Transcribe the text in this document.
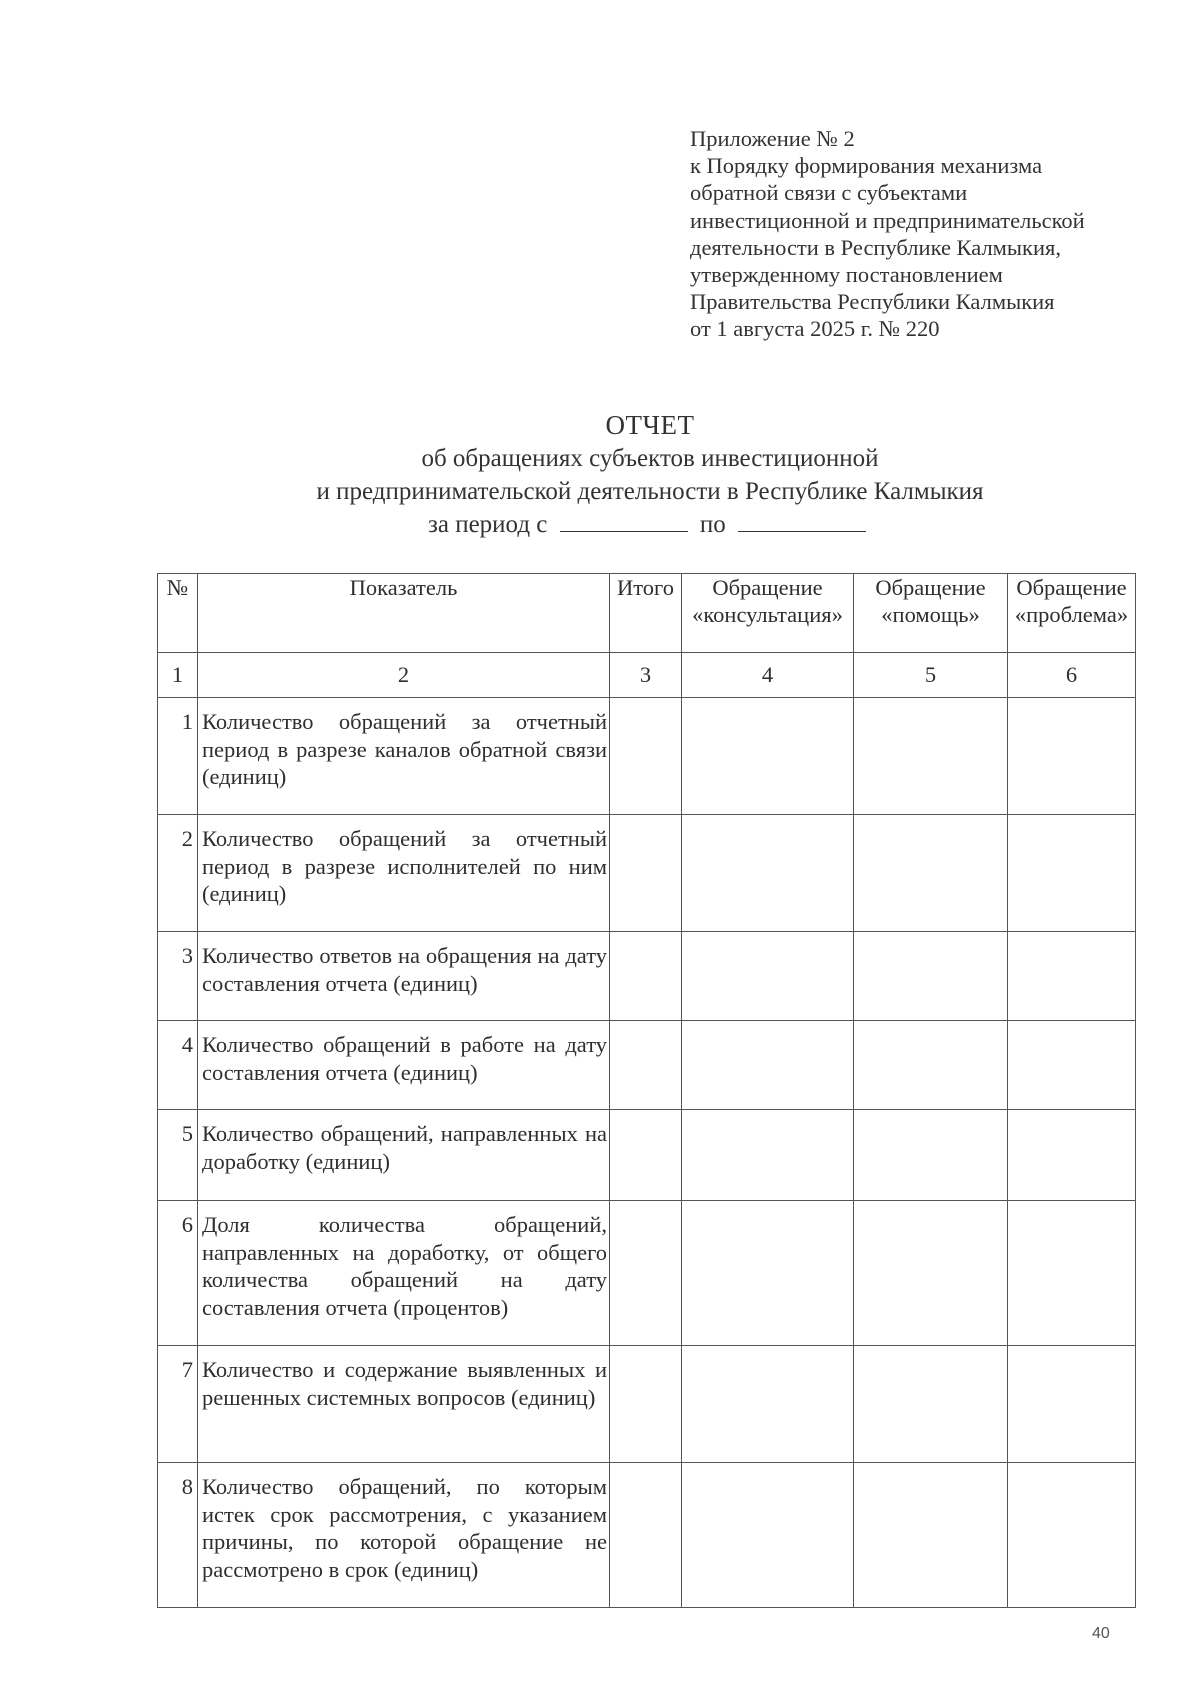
Приложение № 2
к Порядку формирования механизма
обратной связи с субъектами
инвестиционной и предпринимательской
деятельности в Республике Калмыкия,
утвержденному постановлением
Правительства Республики Калмыкия
от 1 августа 2025 г. № 220
ОТЧЕТ
об обращениях субъектов инвестиционной
и предпринимательской деятельности в Республике Калмыкия
за период с	по
№	Показатель	Итого	Обращение «консультация»	Обращение «помощь»	Обращение «проблема»
1	2	3	4	5	6
1	Количество обращений за отчетный период в разрезе каналов обратной связи (единиц)				
2	Количество обращений за отчетный период в разрезе исполнителей по ним (единиц)				
3	Количество ответов на обращения на дату составления отчета (единиц)				
4	Количество обращений в работе на дату составления отчета (единиц)				
5	Количество обращений, направленных на доработку (единиц)				
6	Доля количества обращений, направленных на доработку, от общего количества обращений на дату составления отчета (процентов)				
7	Количество и содержание выявленных и решенных системных вопросов (единиц)				
8	Количество обращений, по которым истек срок рассмотрения, с указанием причины, по которой обращение не рассмотрено в срок (единиц)				
40
